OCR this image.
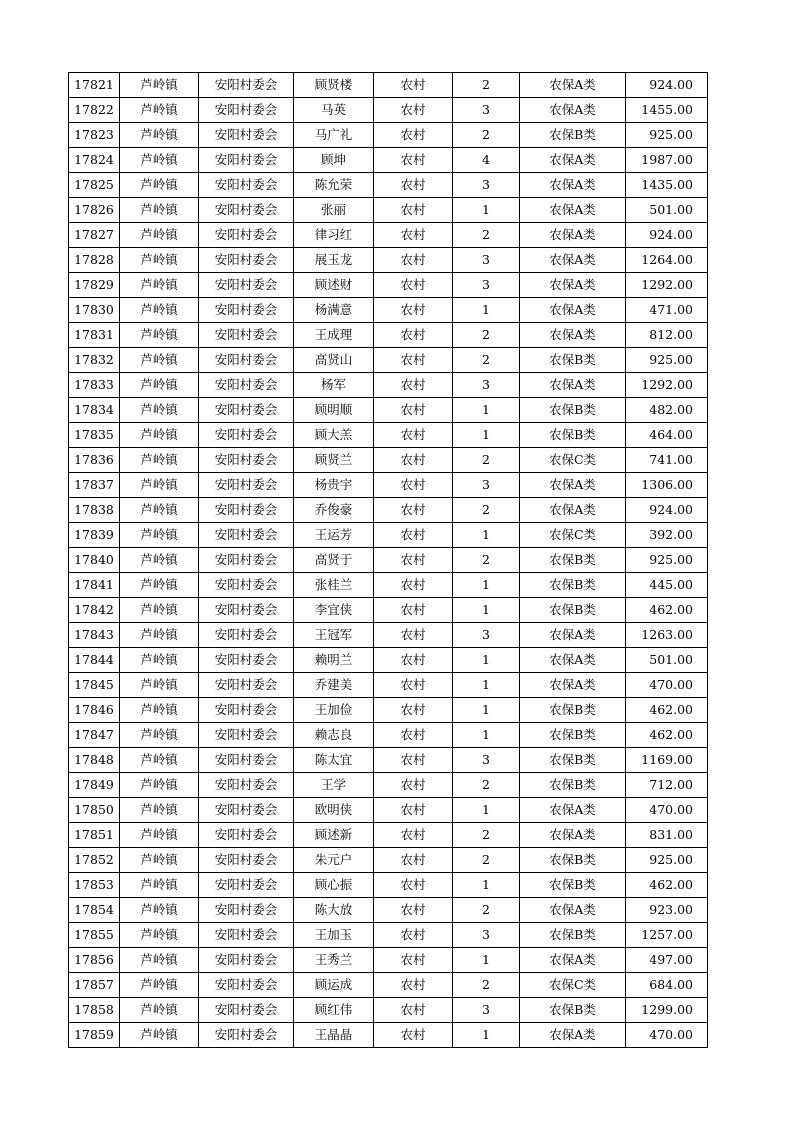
17821	芦岭镇	安阳村委会	顾贤楼	农村	2	农保A类	924.00
17822	芦岭镇	安阳村委会	马英	农村	3	农保A类	1455.00
17823	芦岭镇	安阳村委会	马广礼	农村	2	农保B类	925.00
17824	芦岭镇	安阳村委会	顾坤	农村	4	农保A类	1987.00
17825	芦岭镇	安阳村委会	陈允荣	农村	3	农保A类	1435.00
17826	芦岭镇	安阳村委会	张丽	农村	1	农保A类	501.00
17827	芦岭镇	安阳村委会	律习红	农村	2	农保A类	924.00
17828	芦岭镇	安阳村委会	展玉龙	农村	3	农保A类	1264.00
17829	芦岭镇	安阳村委会	顾述财	农村	3	农保A类	1292.00
17830	芦岭镇	安阳村委会	杨满意	农村	1	农保A类	471.00
17831	芦岭镇	安阳村委会	王成理	农村	2	农保A类	812.00
17832	芦岭镇	安阳村委会	高贤山	农村	2	农保B类	925.00
17833	芦岭镇	安阳村委会	杨军	农村	3	农保A类	1292.00
17834	芦岭镇	安阳村委会	顾明顺	农村	1	农保B类	482.00
17835	芦岭镇	安阳村委会	顾大羔	农村	1	农保B类	464.00
17836	芦岭镇	安阳村委会	顾贤兰	农村	2	农保C类	741.00
17837	芦岭镇	安阳村委会	杨贵宇	农村	3	农保A类	1306.00
17838	芦岭镇	安阳村委会	乔俊豪	农村	2	农保A类	924.00
17839	芦岭镇	安阳村委会	王运芳	农村	1	农保C类	392.00
17840	芦岭镇	安阳村委会	高贤于	农村	2	农保B类	925.00
17841	芦岭镇	安阳村委会	张桂兰	农村	1	农保B类	445.00
17842	芦岭镇	安阳村委会	李宜侠	农村	1	农保B类	462.00
17843	芦岭镇	安阳村委会	王冠军	农村	3	农保A类	1263.00
17844	芦岭镇	安阳村委会	赖明兰	农村	1	农保A类	501.00
17845	芦岭镇	安阳村委会	乔建美	农村	1	农保A类	470.00
17846	芦岭镇	安阳村委会	王加俭	农村	1	农保B类	462.00
17847	芦岭镇	安阳村委会	赖志良	农村	1	农保B类	462.00
17848	芦岭镇	安阳村委会	陈太宜	农村	3	农保B类	1169.00
17849	芦岭镇	安阳村委会	王学	农村	2	农保B类	712.00
17850	芦岭镇	安阳村委会	欧明侠	农村	1	农保A类	470.00
17851	芦岭镇	安阳村委会	顾述新	农村	2	农保A类	831.00
17852	芦岭镇	安阳村委会	朱元户	农村	2	农保B类	925.00
17853	芦岭镇	安阳村委会	顾心振	农村	1	农保B类	462.00
17854	芦岭镇	安阳村委会	陈大放	农村	2	农保A类	923.00
17855	芦岭镇	安阳村委会	王加玉	农村	3	农保B类	1257.00
17856	芦岭镇	安阳村委会	王秀兰	农村	1	农保A类	497.00
17857	芦岭镇	安阳村委会	顾运成	农村	2	农保C类	684.00
17858	芦岭镇	安阳村委会	顾红伟	农村	3	农保B类	1299.00
17859	芦岭镇	安阳村委会	王晶晶	农村	1	农保A类	470.00
